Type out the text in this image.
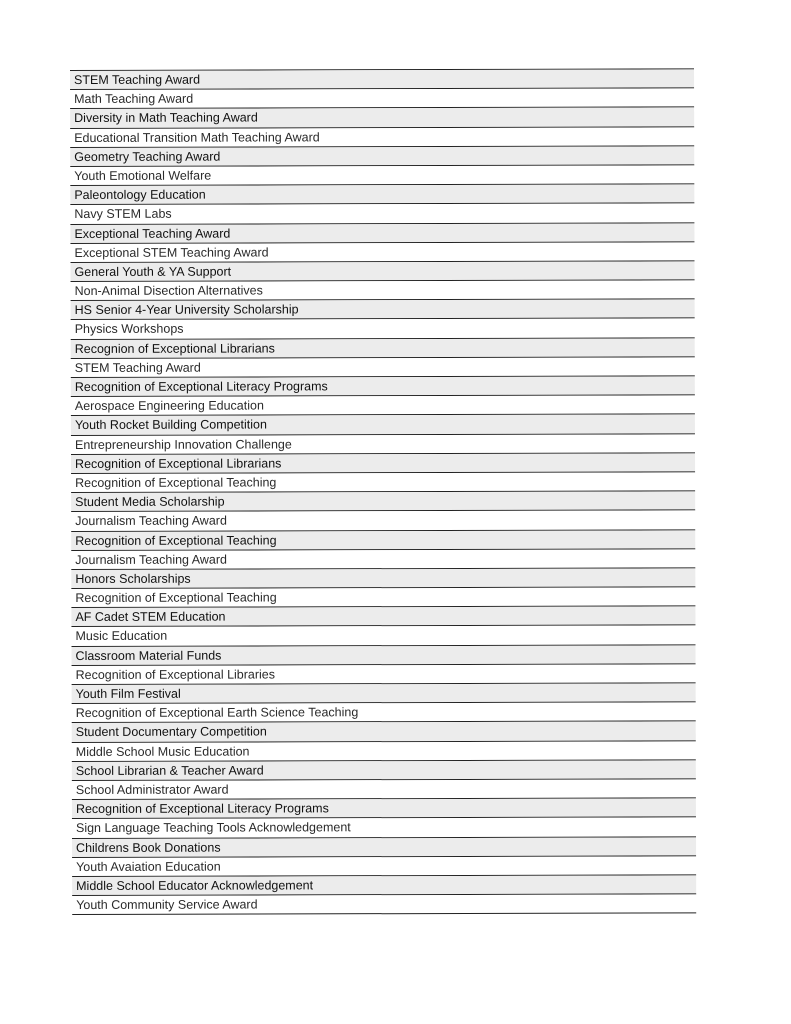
STEM Teaching Award
Math Teaching Award
Diversity in Math Teaching Award
Educational Transition Math Teaching Award
Geometry Teaching Award
Youth Emotional Welfare
Paleontology Education
Navy STEM Labs
Exceptional Teaching Award
Exceptional STEM Teaching Award
General Youth & YA Support
Non-Animal Disection Alternatives
HS Senior 4-Year University Scholarship
Physics Workshops
Recognion of Exceptional Librarians
STEM Teaching Award
Recognition of Exceptional Literacy Programs
Aerospace Engineering Education
Youth Rocket Building Competition
Entrepreneurship Innovation Challenge
Recognition of Exceptional Librarians
Recognition of Exceptional Teaching
Student Media Scholarship
Journalism Teaching Award
Recognition of Exceptional Teaching
Journalism Teaching Award
Honors Scholarships
Recognition of Exceptional Teaching
AF Cadet STEM Education
Music Education
Classroom Material Funds
Recognition of Exceptional Libraries
Youth Film Festival
Recognition of Exceptional Earth Science Teaching
Student Documentary Competition
Middle School Music Education
School Librarian & Teacher Award
School Administrator Award
Recognition of Exceptional Literacy Programs
Sign Language Teaching Tools Acknowledgement
Childrens Book Donations
Youth Avaiation Education
Middle School Educator Acknowledgement
Youth Community Service Award
